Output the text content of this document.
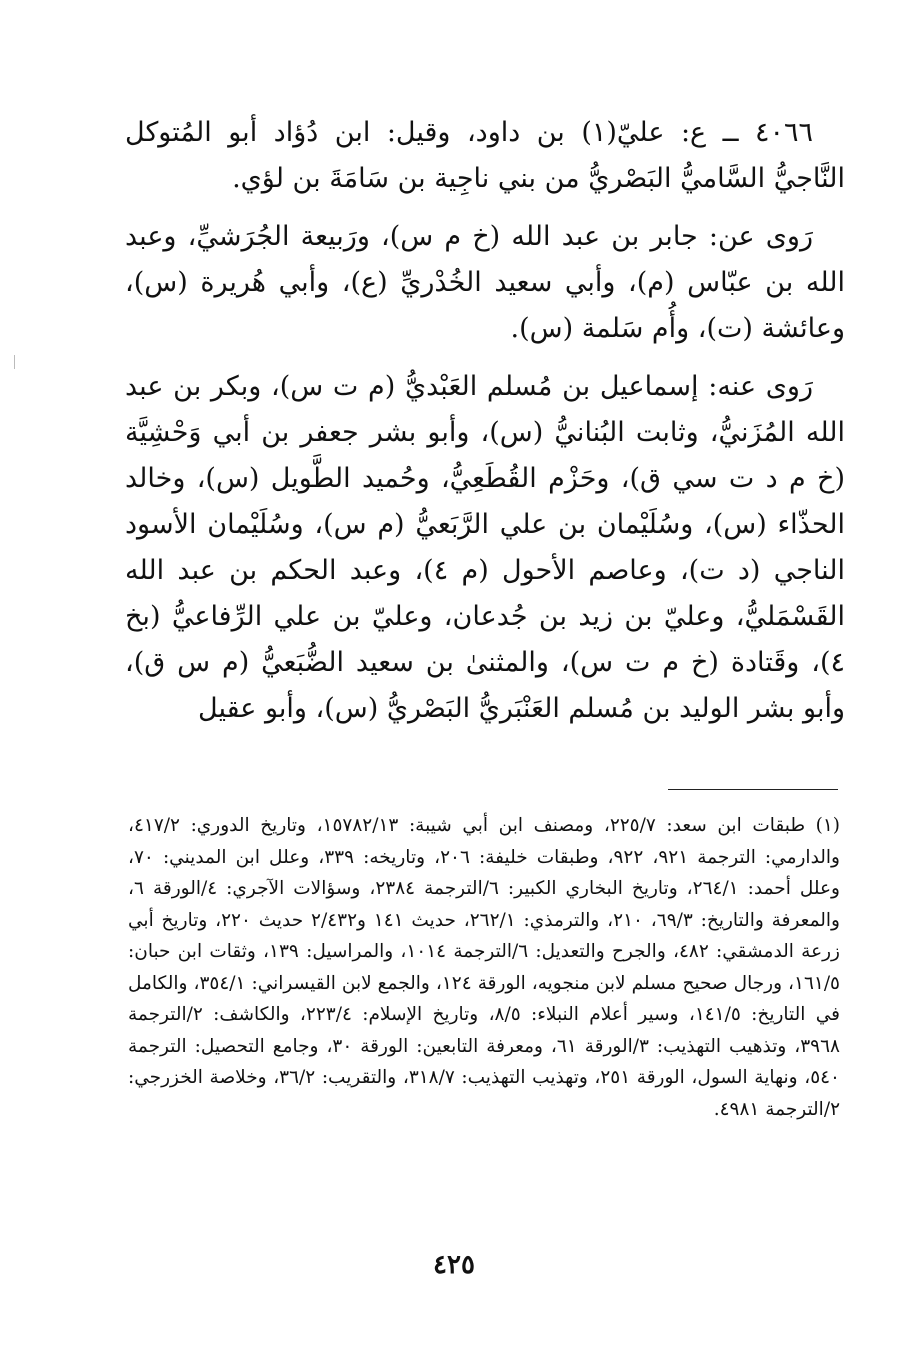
٤٠٦٦ ــ ع: عليّ(١) بن داود، وقيل: ابن دُؤاد أبو المُتوكل النَّاجيُّ السَّاميُّ البَصْريُّ من بني ناجِية بن سَامَةَ بن لؤي.

رَوى عن: جابر بن عبد الله (خ م س)، ورَبيعة الجُرَشيِّ، وعبد الله بن عبّاس (م)، وأبي سعيد الخُدْريِّ (ع)، وأبي هُريرة (س)، وعائشة (ت)، وأُم سَلمة (س).

رَوى عنه: إسماعيل بن مُسلم العَبْديُّ (م ت س)، وبكر بن عبد الله المُزَنيُّ، وثابت البُنانيُّ (س)، وأبو بشر جعفر بن أبي وَحْشِيَّة (خ م د ت سي ق)، وحَزْم القُطَعِيُّ، وحُميد الطَّويل (س)، وخالد الحذّاء (س)، وسُلَيْمان بن علي الرَّبَعيُّ (م س)، وسُلَيْمان الأسود الناجي (د ت)، وعاصم الأحول (م ٤)، وعبد الحكم بن عبد الله القَسْمَليُّ، وعليّ بن زيد بن جُدعان، وعليّ بن علي الرِّفاعيُّ (بخ ٤)، وقَتادة (خ م ت س)، والمثنىٰ بن سعيد الضُّبَعيُّ (م س ق)، وأبو بشر الوليد بن مُسلم العَنْبَريُّ البَصْريُّ (س)، وأبو عقيل

(١) طبقات ابن سعد: ٢٢٥/٧، ومصنف ابن أبي شيبة: ١٥٧٨٢/١٣، وتاريخ الدوري: ٤١٧/٢، والدارمي: الترجمة ٩٢١، ٩٢٢، وطبقات خليفة: ٢٠٦، وتاريخه: ٣٣٩، وعلل ابن المديني: ٧٠، وعلل أحمد: ٢٦٤/١، وتاريخ البخاري الكبير: ٦/الترجمة ٢٣٨٤، وسؤالات الآجري: ٤/الورقة ٦، والمعرفة والتاريخ: ٦٩/٣، ٢١٠، والترمذي: ٢٦٢/١، حديث ١٤١ و٢/٤٣٢ حديث ٢٢٠، وتاريخ أبي زرعة الدمشقي: ٤٨٢، والجرح والتعديل: ٦/الترجمة ١٠١٤، والمراسيل: ١٣٩، وثقات ابن حبان: ١٦١/٥، ورجال صحيح مسلم لابن منجويه، الورقة ١٢٤، والجمع لابن القيسراني: ٣٥٤/١، والكامل في التاريخ: ١٤١/٥، وسير أعلام النبلاء: ٨/٥، وتاريخ الإسلام: ٢٢٣/٤، والكاشف: ٢/الترجمة ٣٩٦٨، وتذهيب التهذيب: ٣/الورقة ٦١، ومعرفة التابعين: الورقة ٣٠، وجامع التحصيل: الترجمة ٥٤٠، ونهاية السول، الورقة ٢٥١، وتهذيب التهذيب: ٣١٨/٧، والتقريب: ٣٦/٢، وخلاصة الخزرجي: ٢/الترجمة ٤٩٨١.

٤٢٥
